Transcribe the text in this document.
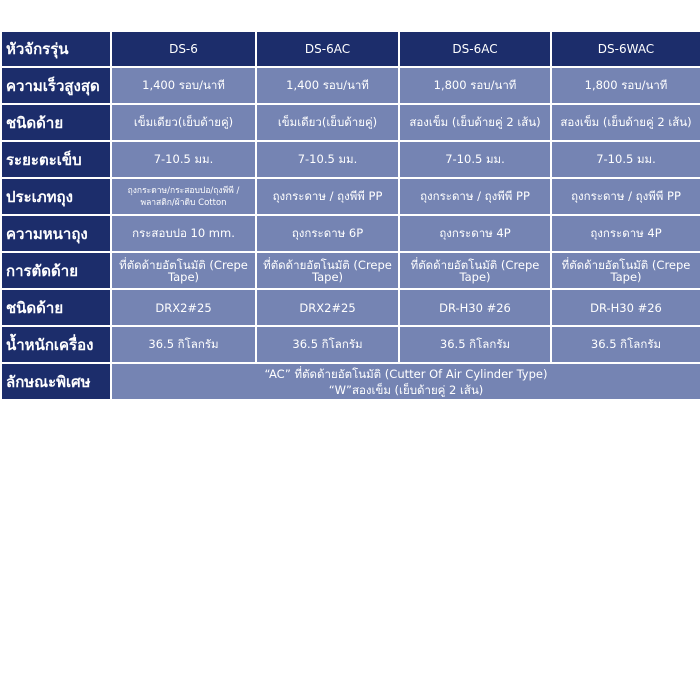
หัวจักรรุ่น	DS-6	DS-6AC	DS-6AC	DS-6WAC
ความเร็วสูงสุด	1,400 รอบ/นาที	1,400 รอบ/นาที	1,800 รอบ/นาที	1,800 รอบ/นาที
ชนิดด้าย	เข็มเดียว(เย็บด้ายคู่)	เข็มเดียว(เย็บด้ายคู่)	สองเข็ม (เย็บด้ายคู่ 2 เส้น)	สองเข็ม (เย็บด้ายคู่ 2 เส้น)
ระยะตะเข็บ	7-10.5 มม.	7-10.5 มม.	7-10.5 มม.	7-10.5 มม.
ประเภทถุง	ถุงกระดาษ/กระสอบปอ/ถุงพีพี /พลาสติก/ผ้าดิบ Cotton	ถุงกระดาษ / ถุงพีพี PP	ถุงกระดาษ / ถุงพีพี PP	ถุงกระดาษ / ถุงพีพี PP
ความหนาถุง	กระสอบปอ 10 mm.	ถุงกระดาษ 6P	ถุงกระดาษ 4P	ถุงกระดาษ 4P
การตัดด้าย	ที่ตัดด้ายอัตโนมัติ (Crepe Tape)	ที่ตัดด้ายอัตโนมัติ (Crepe Tape)	ที่ตัดด้ายอัตโนมัติ (Crepe Tape)	ที่ตัดด้ายอัตโนมัติ (Crepe Tape)
ชนิดด้าย	DRX2#25	DRX2#25	DR-H30 #26	DR-H30 #26
น้ำหนักเครื่อง	36.5 กิโลกรัม	36.5 กิโลกรัม	36.5 กิโลกรัม	36.5 กิโลกรัม
ลักษณะพิเศษ	“AC” ที่ตัดด้ายอัตโนมัติ (Cutter Of Air Cylinder Type)
“W”สองเข็ม (เย็บด้ายคู่ 2 เส้น)			
